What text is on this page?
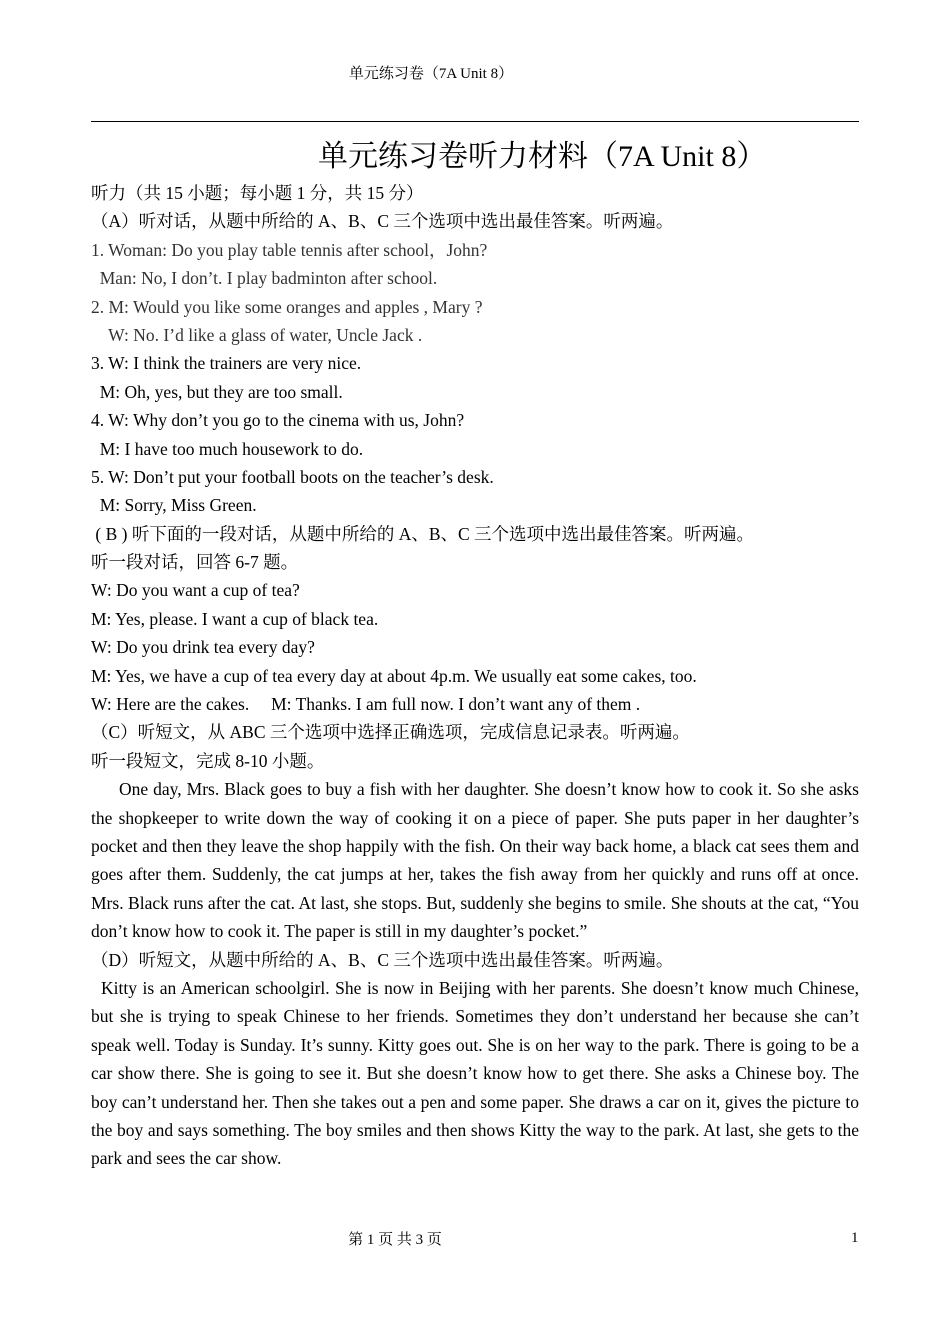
单元练习卷（7A Unit 8）
单元练习卷听力材料（7A Unit 8）
听力（共 15 小题；每小题 1 分，共 15 分）
（A）听对话，从题中所给的 A、B、C 三个选项中选出最佳答案。听两遍。
1. Woman: Do you play table tennis after school，John?
Man: No, I don’t. I play badminton after school.
2. M: Would you like some oranges and apples , Mary ?
W: No. I’d like a glass of water, Uncle Jack .
3. W: I think the trainers are very nice.
M: Oh, yes, but they are too small.
4. W: Why don’t you go to the cinema with us, John?
M: I have too much housework to do.
5. W: Don’t put your football boots on the teacher’s desk.
M: Sorry, Miss Green.
( B ) 听下面的一段对话，从题中所给的 A、B、C 三个选项中选出最佳答案。听两遍。
听一段对话，回答 6-7 题。
W: Do you want a cup of tea?
M: Yes, please. I want a cup of black tea.
W: Do you drink tea every day?
M: Yes, we have a cup of tea every day at about 4p.m. We usually eat some cakes, too.
W: Here are the cakes.     M: Thanks. I am full now. I don’t want any of them .
（C）听短文，从 ABC 三个选项中选择正确选项，完成信息记录表。听两遍。
听一段短文，完成 8-10 小题。
One day, Mrs. Black goes to buy a fish with her daughter. She doesn’t know how to cook it. So she asks the shopkeeper to write down the way of cooking it on a piece of paper. She puts paper in her daughter’s pocket and then they leave the shop happily with the fish. On their way back home, a black cat sees them and goes after them. Suddenly, the cat jumps at her, takes the fish away from her quickly and runs off at once. Mrs. Black runs after the cat. At last, she stops. But, suddenly she begins to smile. She shouts at the cat, “You don’t know how to cook it. The paper is still in my daughter’s pocket.”
（D）听短文，从题中所给的 A、B、C 三个选项中选出最佳答案。听两遍。
Kitty is an American schoolgirl. She is now in Beijing with her parents. She doesn’t know much Chinese, but she is trying to speak Chinese to her friends. Sometimes they don’t understand her because she can’t speak well. Today is Sunday. It’s sunny. Kitty goes out. She is on her way to the park. There is going to be a car show there. She is going to see it. But she doesn’t know how to get there. She asks a Chinese boy. The boy can’t understand her. Then she takes out a pen and some paper. She draws a car on it, gives the picture to the boy and says something. The boy smiles and then shows Kitty the way to the park. At last, she gets to the park and sees the car show.
第 1 页 共 3 页	1
